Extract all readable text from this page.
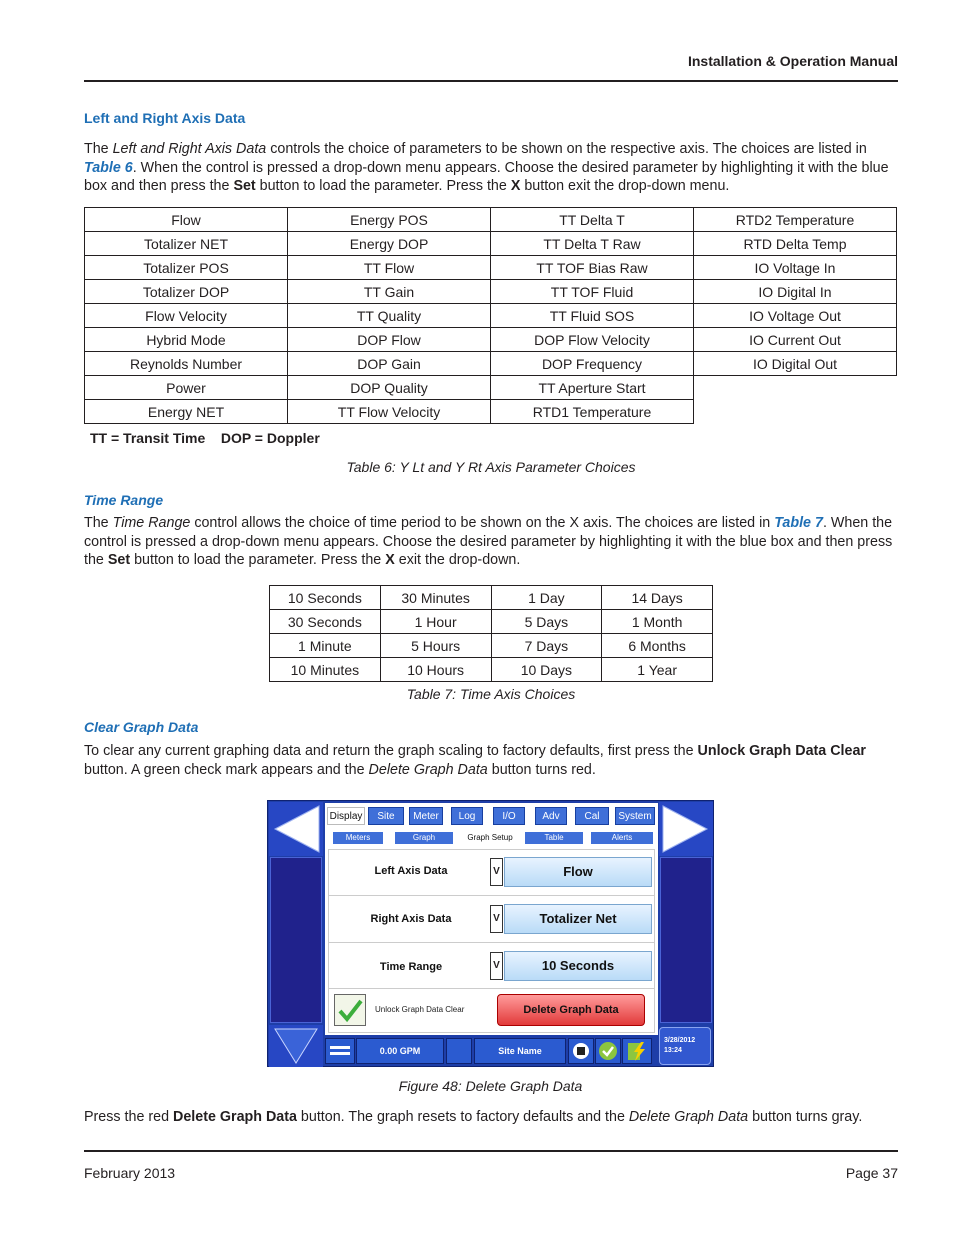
Installation & Operation Manual
Left and Right Axis Data
The Left and Right Axis Data controls the choice of parameters to be shown on the respective axis. The choices are listed in Table 6. When the control is pressed a drop-down menu appears. Choose the desired parameter by highlighting it with the blue box and then press the Set button to load the parameter. Press the X button exit the drop-down menu.
Flow	Energy POS	TT Delta T	RTD2 Temperature
Totalizer NET	Energy DOP	TT Delta T Raw	RTD Delta Temp
Totalizer POS	TT Flow	TT TOF Bias Raw	IO Voltage In
Totalizer DOP	TT Gain	TT TOF Fluid	IO Digital In
Flow Velocity	TT Quality	TT Fluid SOS	IO Voltage Out
Hybrid Mode	DOP Flow	DOP Flow Velocity	IO Current Out
Reynolds Number	DOP Gain	DOP Frequency	IO Digital Out
Power	DOP Quality	TT Aperture Start	
Energy NET	TT Flow Velocity	RTD1 Temperature	
TT = Transit Time    DOP = Doppler
Table 6: Y Lt and Y Rt Axis Parameter Choices
Time Range
The Time Range control allows the choice of time period to be shown on the X axis. The choices are listed in Table 7. When the control is pressed a drop-down menu appears. Choose the desired parameter by highlighting it with the blue box and then press the Set button to load the parameter. Press the X exit the drop-down.
10 Seconds	30 Minutes	1 Day	14 Days
30 Seconds	1 Hour	5 Days	1 Month
1 Minute	5 Hours	7 Days	6 Months
10 Minutes	10 Hours	10 Days	1 Year
Table 7: Time Axis Choices
Clear Graph Data
To clear any current graphing data and return the graph scaling to factory defaults, first press the Unlock Graph Data Clear button. A green check mark appears and the Delete Graph Data button turns red.
3/28/2012
13:24
Display	Site	Meter	Log	I/O	Adv	Cal	System
Meters	Graph	Graph Setup	Table	Alerts
Left Axis Data	V	Flow
Right Axis Data	V	Totalizer Net
Time Range	V	10 Seconds
Unlock Graph Data Clear	Delete Graph Data
0.00 GPM	Site Name
Figure 48: Delete Graph Data
Press the red Delete Graph Data button. The graph resets to factory defaults and the Delete Graph Data button turns gray.
February 2013	Page 37
